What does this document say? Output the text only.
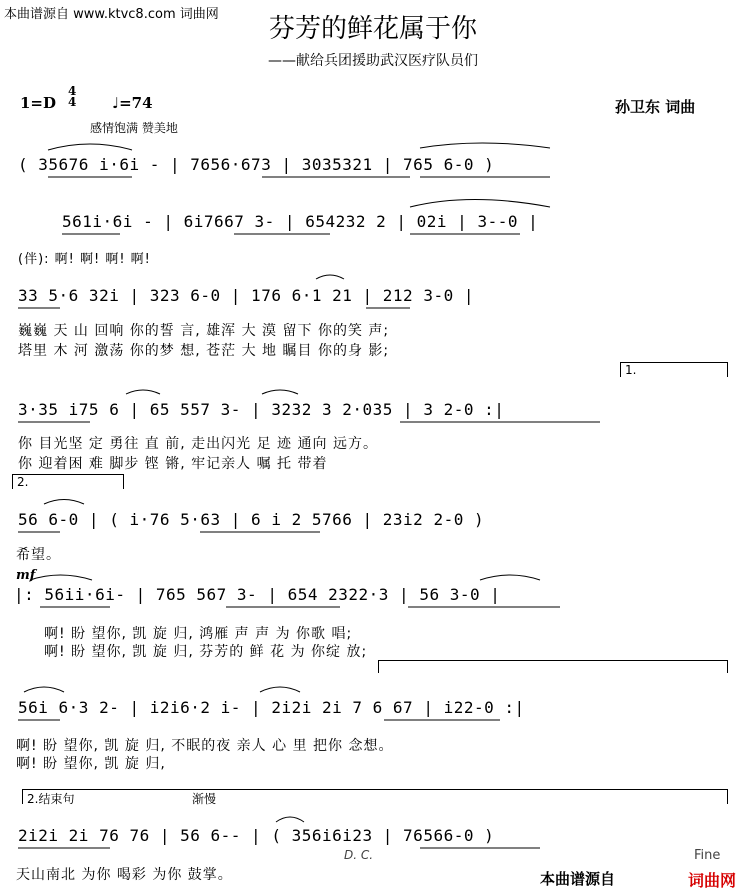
本曲谱源自 www.ktvc8.com 词曲网	芬芳的鲜花属于你
——献给兵团援助武汉医疗队员们
1=D
4
4 ♩=74
感情饱满 赞美地
孙卫东 词曲
( 35676 i·6i - | 7656·673 | 3035321 | 765 6-0 )
561i·6i - | 6i7667 3- | 654232 2 | 02i | 3--0 |
(伴): 啊! 啊! 啊! 啊!
33 5·6 32i | 323 6-0 | 176 6·1 21 | 212 3-0 |
巍巍 天 山 回响 你的誓 言, 雄浑 大 漠 留下 你的笑 声;
塔里 木 河 激荡 你的梦 想, 苍茫 大 地 瞩目 你的身 影;
1.
3·35 i75 6 | 65 557 3- | 3232 3 2·035 | 3 2-0 :|
你 目光坚 定 勇往 直 前, 走出闪光 足 迹 通向 远方。
你 迎着困 难 脚步 铿 锵, 牢记亲人 嘱 托 带着
2.
56 6-0 | ( i·76 5·63 | 6 i 2 5766 | 23i2 2-0 )
希望。
mf
|: 56ii·6i- | 765 567 3- | 654 2322·3 | 56 3-0 |
啊! 盼 望你, 凯 旋 归, 鸿雁 声 声 为 你歌 唱;
啊! 盼 望你, 凯 旋 归, 芬芳的 鲜 花 为 你绽 放;
56i 6·3 2- | i2i6·2 i- | 2i2i 2i 7 6 67 | i22-0 :|
啊! 盼 望你, 凯 旋 归, 不眠的夜 亲人 心 里 把你 念想。
啊! 盼 望你, 凯 旋 归,
2.结束句	渐慢
2i2i 2i 76 76 | 56 6-- | ( 356i6i23 | 76566-0 )
天山南北 为你 喝彩 为你 鼓掌。
D. C.	Fine
本曲谱源自	词曲网
